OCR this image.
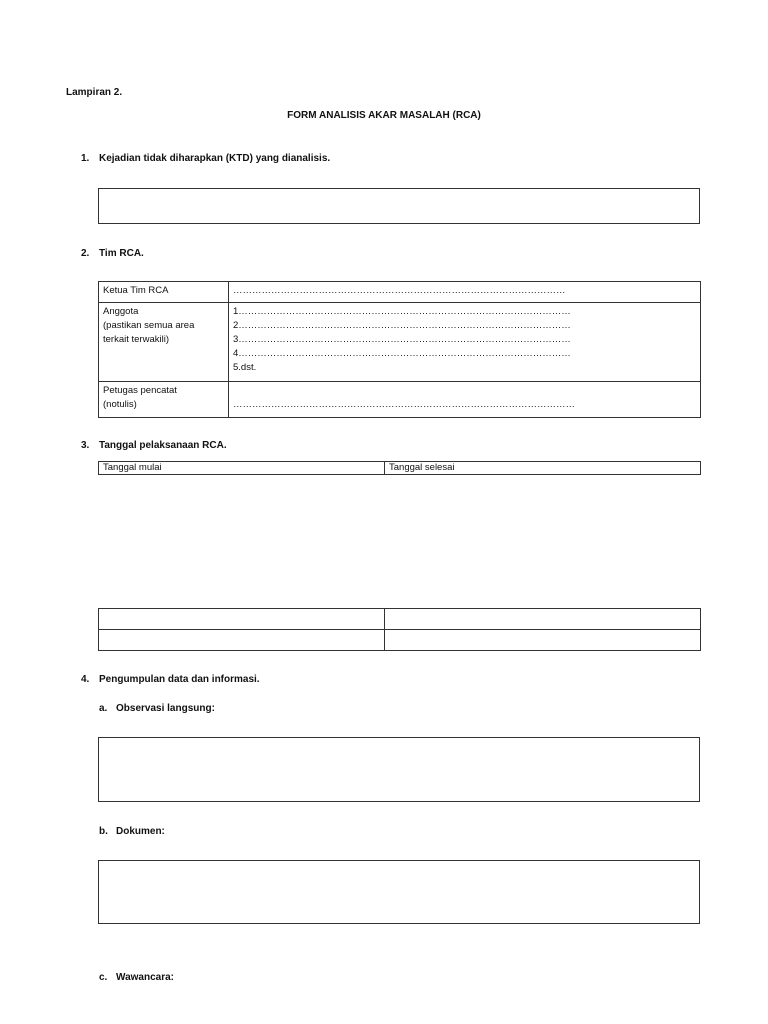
Lampiran 2.
FORM ANALISIS AKAR MASALAH (RCA)
1. Kejadian tidak diharapkan (KTD) yang dianalisis.
2. Tim RCA.
Ketua Tim RCA	……………………………………………………………………………………………

Anggota
(pastikan semua area
terkait terwakili)	1……………………………………………………………………………………………
2……………………………………………………………………………………………
3……………………………………………………………………………………………
4……………………………………………………………………………………………
5.dst.

Petugas pencatat
(notulis)	………………………………………………………………………………………………
3. Tanggal pelaksanaan RCA.
Tanggal mulai	Tanggal selesai

4. Pengumpulan data dan informasi.
a. Observasi langsung:
b. Dokumen:
c. Wawancara:
